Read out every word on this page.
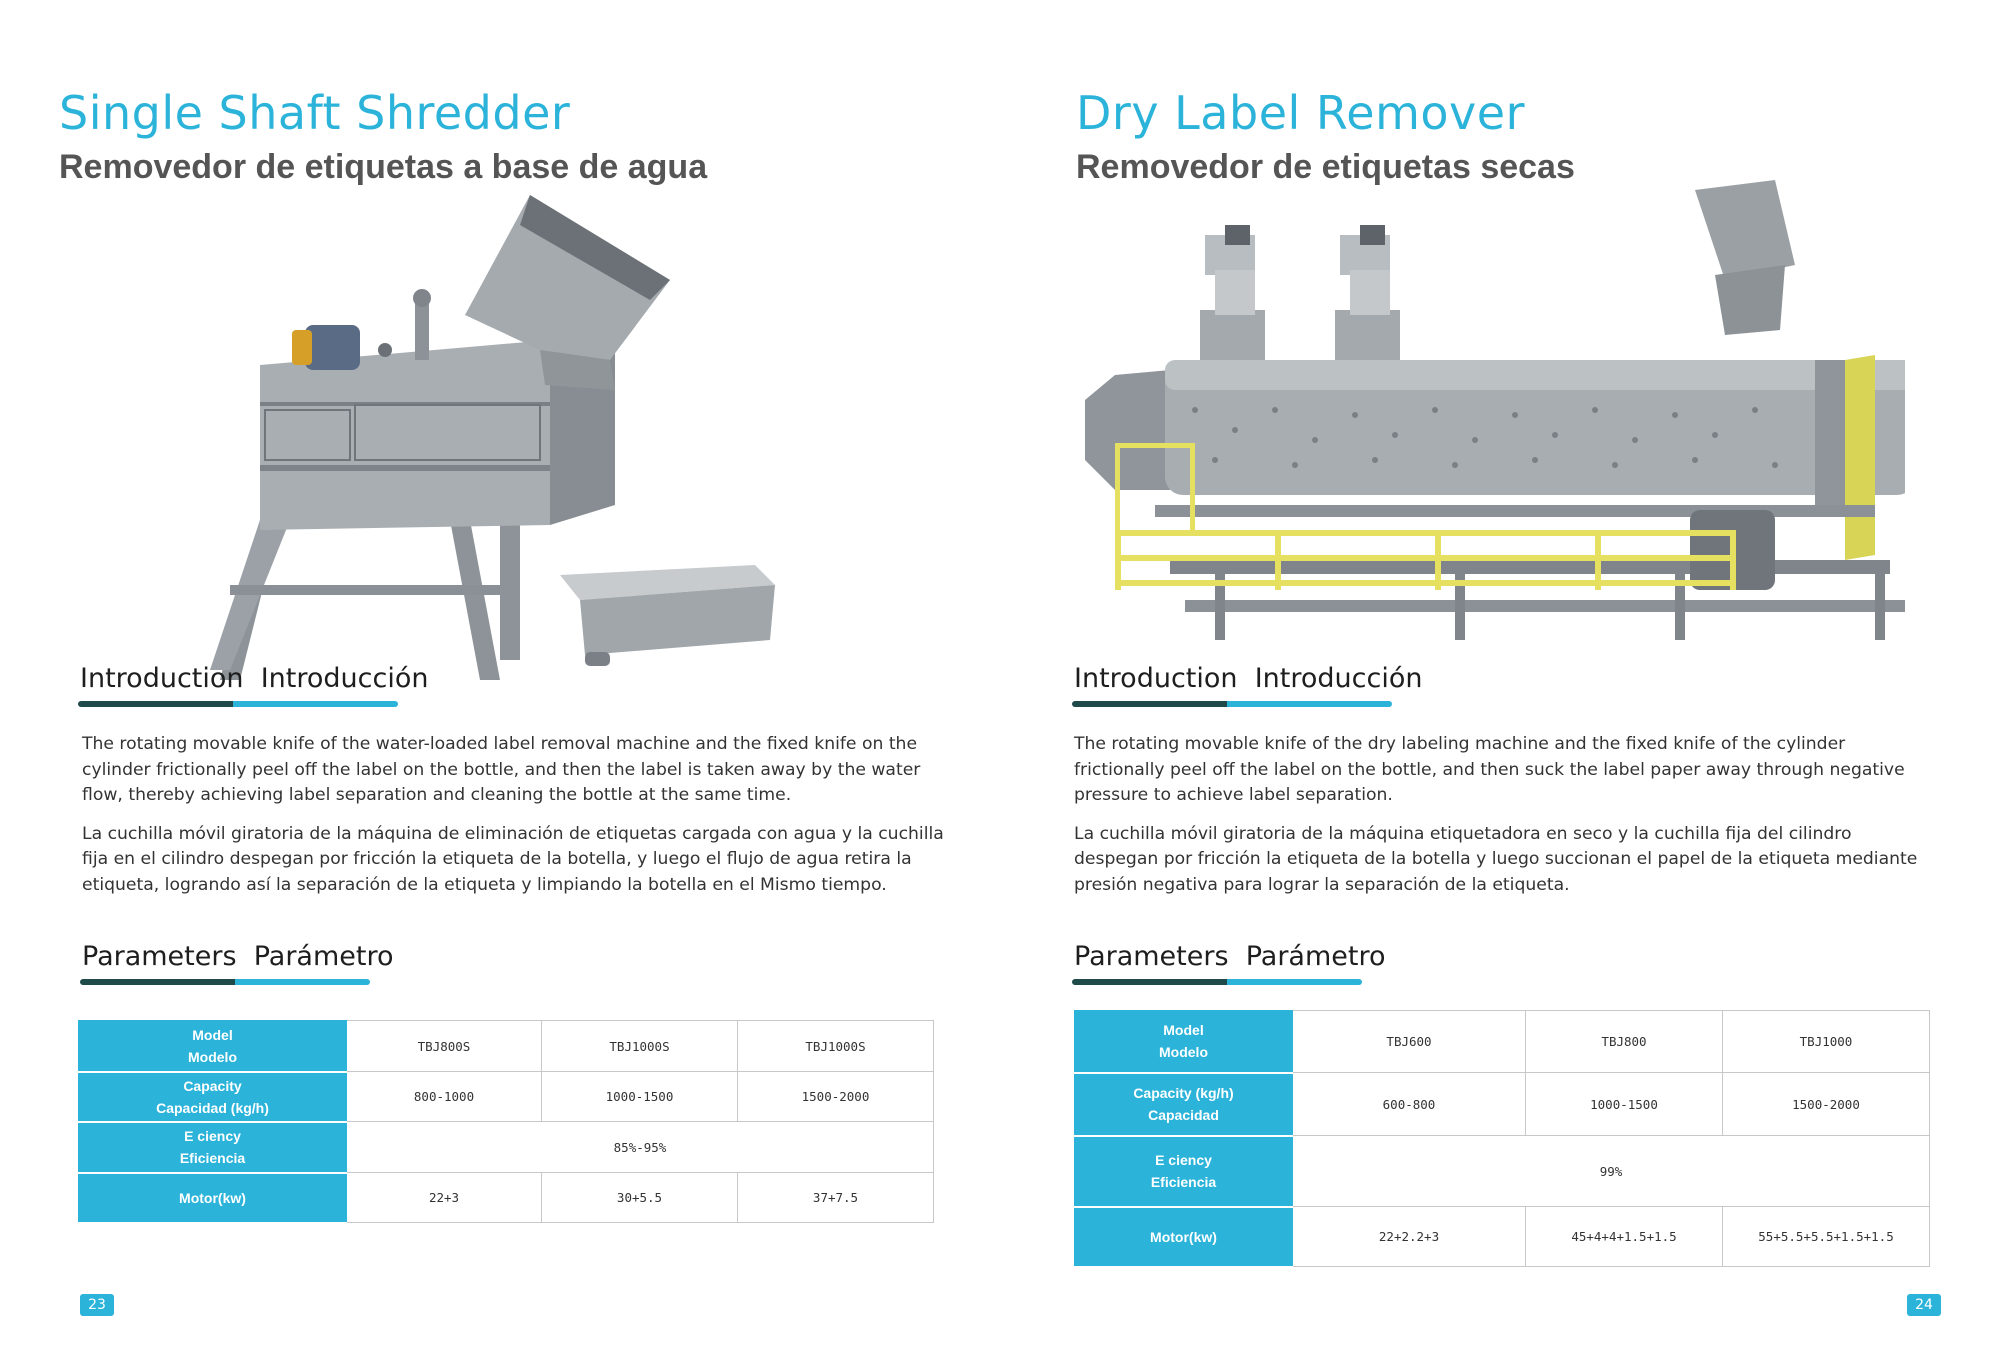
Single Shaft Shredder
Removedor de etiquetas a base de agua
Introduction Introducción

The rotating movable knife of the water-loaded label removal machine and the fixed knife on the cylinder frictionally peel off the label on the bottle, and then the label is taken away by the water flow, thereby achieving label separation and cleaning the bottle at the same time.

La cuchilla móvil giratoria de la máquina de eliminación de etiquetas cargada con agua y la cuchilla fija en el cilindro despegan por fricción la etiqueta de la botella, y luego el flujo de agua retira la etiqueta, logrando así la separación de la etiqueta y limpiando la botella en el Mismo tiempo.

Parameters Parámetro
Model
Modelo	TBJ800S	TBJ1000S	TBJ1000S

Capacity
Capacidad (kg/h)	800-1000	1000-1500	1500-2000

E ciency
Eficiencia	85%-95%		
Motor(kw)	22+3	30+5.5	37+7.5
23
Dry Label Remover
Removedor de etiquetas secas
Introduction Introducción

The rotating movable knife of the dry labeling machine and the fixed knife of the cylinder frictionally peel off the label on the bottle, and then suck the label paper away through negative pressure to achieve label separation.

La cuchilla móvil giratoria de la máquina etiquetadora en seco y la cuchilla fija del cilindro despegan por fricción la etiqueta de la botella y luego succionan el papel de la etiqueta mediante presión negativa para lograr la separación de la etiqueta.

Parameters Parámetro
Model
Modelo	TBJ600	TBJ800	TBJ1000

Capacity (kg/h)
Capacidad	600-800	1000-1500	1500-2000

E ciency
Eficiencia	99%		
Motor(kw)	22+2.2+3	45+4+4+1.5+1.5	55+5.5+5.5+1.5+1.5
24
